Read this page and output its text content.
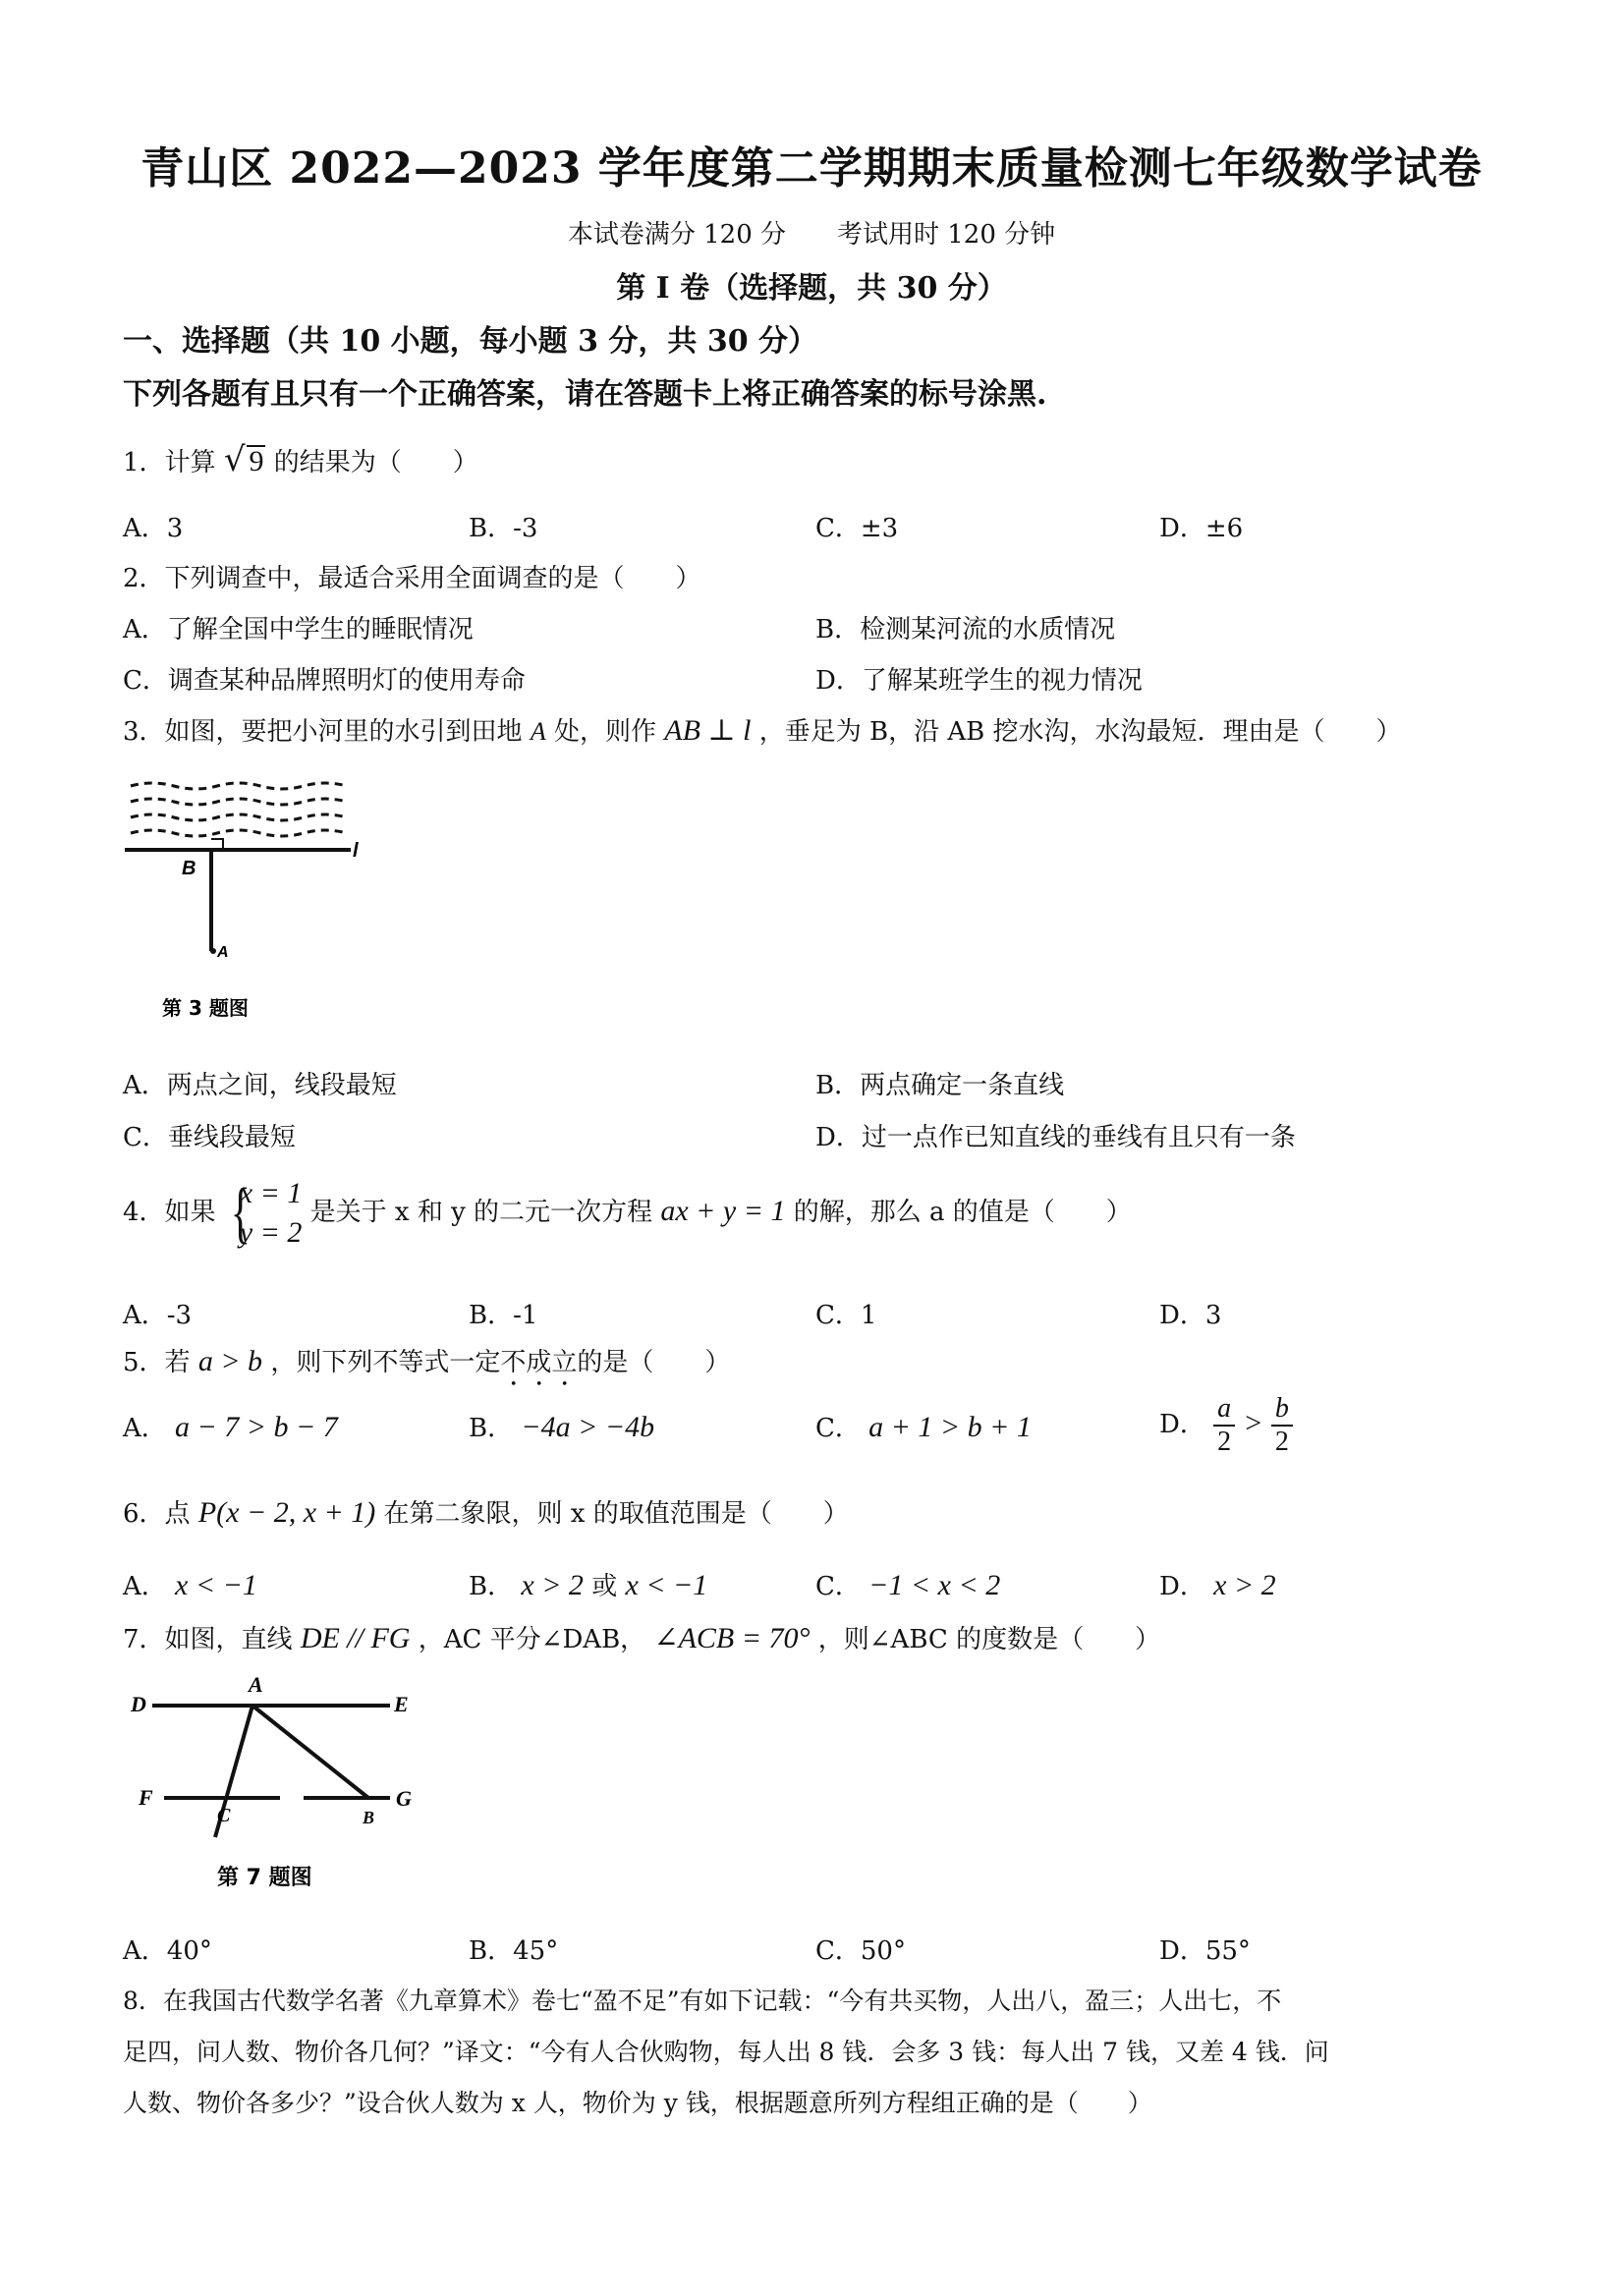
青山区 2022—2023 学年度第二学期期末质量检测七年级数学试卷
本试卷满分 120 分　　考试用时 120 分钟
第 Ⅰ 卷（选择题，共 30 分）
一、选择题（共 10 小题，每小题 3 分，共 30 分）
下列各题有且只有一个正确答案，请在答题卡上将正确答案的标号涂黑.
1．计算 √ 9 的结果为（　　）
A．3	B．-3	C．±3	D．±6
2．下列调查中，最适合采用全面调查的是（　　）
A．了解全国中学生的睡眠情况	B．检测某河流的水质情况
C．调查某种品牌照明灯的使用寿命	D．了解某班学生的视力情况
3．如图，要把小河里的水引到田地 A 处，则作 AB ⊥ l ，垂足为 B，沿 AB 挖水沟，水沟最短．理由是（　　）
B
l
A
第 3 题图
A．两点之间，线段最短	B．两点确定一条直线
C．垂线段最短	D．过一点作已知直线的垂线有且只有一条
4．如果 {
x = 1
y = 2
是关于 x 和 y 的二元一次方程 ax + y = 1 的解，那么 a 的值是（　　）
A．-3	B．-1	C．1	D．3
5．若 a > b ，则下列不等式一定不成立的是（　　）
A． a − 7 > b − 7	B． −4a > −4b	C． a + 1 > b + 1	D． $\frac{a}{2} > \frac{b}{2}$
6．点 P(x − 2, x + 1) 在第二象限，则 x 的取值范围是（　　）
A． x < −1	B． x > 2 或 x < −1	C． −1 < x < 2	D． x > 2
7．如图，直线 DE // FG ，AC 平分∠DAB， ∠ACB = 70° ，则∠ABC 的度数是（　　）
D
A
E
F
C	B
G
第 7 题图
A．40°	B．45°	C．50°	D．55°
8．在我国古代数学名著《九章算术》卷七“盈不足”有如下记载：“今有共买物，人出八，盈三；人出七，不
足四，问人数、物价各几何？”译文：“今有人合伙购物，每人出 8 钱．会多 3 钱：每人出 7 钱，又差 4 钱．问
人数、物价各多少？”设合伙人数为 x 人，物价为 y 钱，根据题意所列方程组正确的是（　　）
